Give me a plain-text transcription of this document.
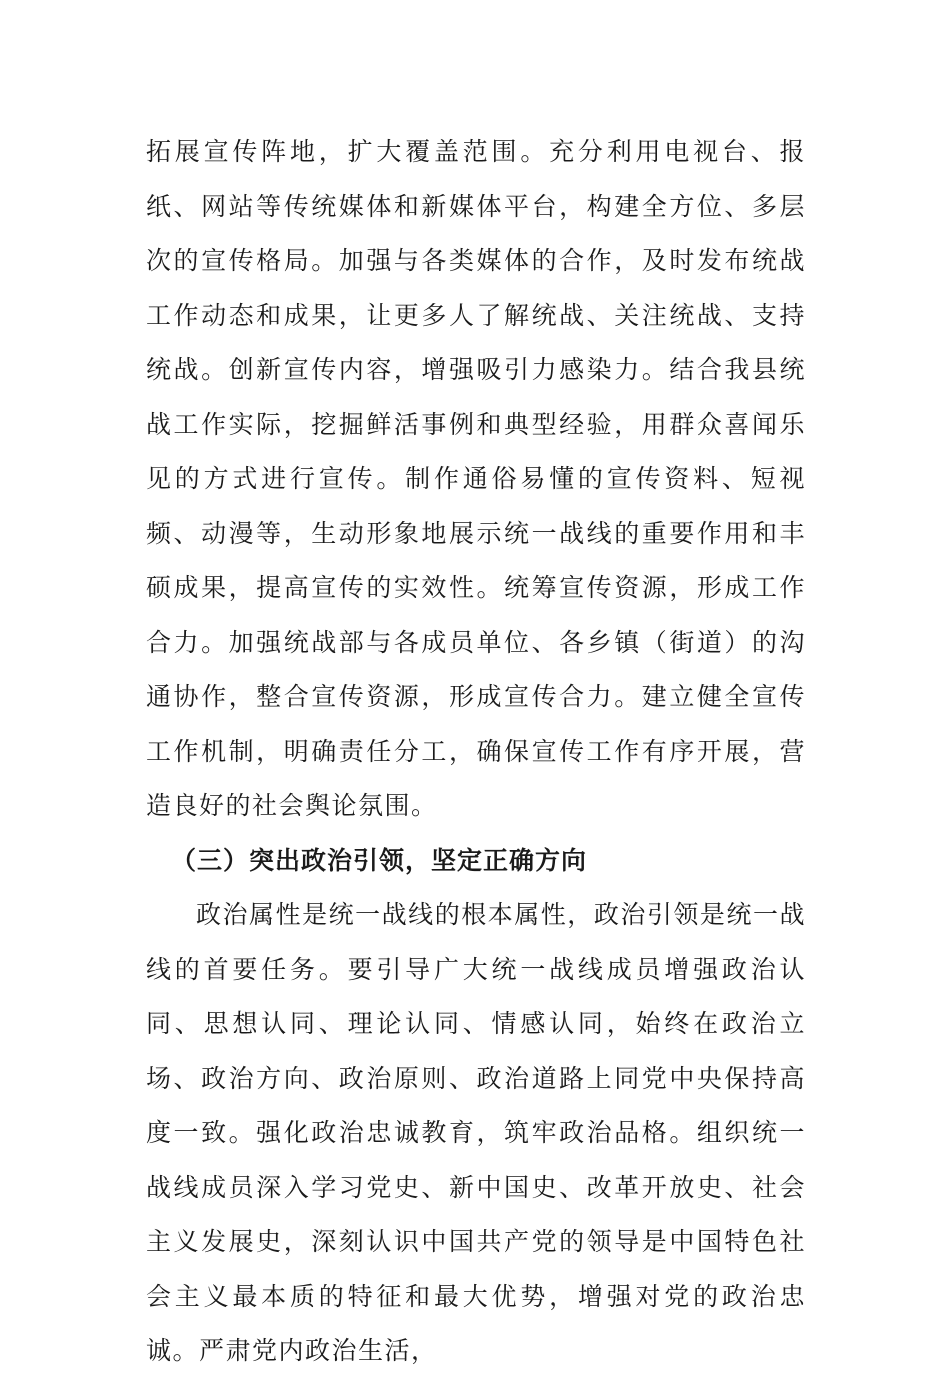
拓展宣传阵地，扩大覆盖范围。充分利用电视台、报纸、网站等传统媒体和新媒体平台，构建全方位、多层次的宣传格局。加强与各类媒体的合作，及时发布统战工作动态和成果，让更多人了解统战、关注统战、支持统战。创新宣传内容，增强吸引力感染力。结合我县统战工作实际，挖掘鲜活事例和典型经验，用群众喜闻乐见的方式进行宣传。制作通俗易懂的宣传资料、短视频、动漫等，生动形象地展示统一战线的重要作用和丰硕成果，提高宣传的实效性。统筹宣传资源，形成工作合力。加强统战部与各成员单位、各乡镇（街道）的沟通协作，整合宣传资源，形成宣传合力。建立健全宣传工作机制，明确责任分工，确保宣传工作有序开展，营造良好的社会舆论氛围。

（三）突出政治引领，坚定正确方向

政治属性是统一战线的根本属性，政治引领是统一战线的首要任务。要引导广大统一战线成员增强政治认同、思想认同、理论认同、情感认同，始终在政治立场、政治方向、政治原则、政治道路上同党中央保持高度一致。强化政治忠诚教育，筑牢政治品格。组织统一战线成员深入学习党史、新中国史、改革开放史、社会主义发展史，深刻认识中国共产党的领导是中国特色社会主义最本质的特征和最大优势，增强对党的政治忠诚。严肃党内政治生活，
